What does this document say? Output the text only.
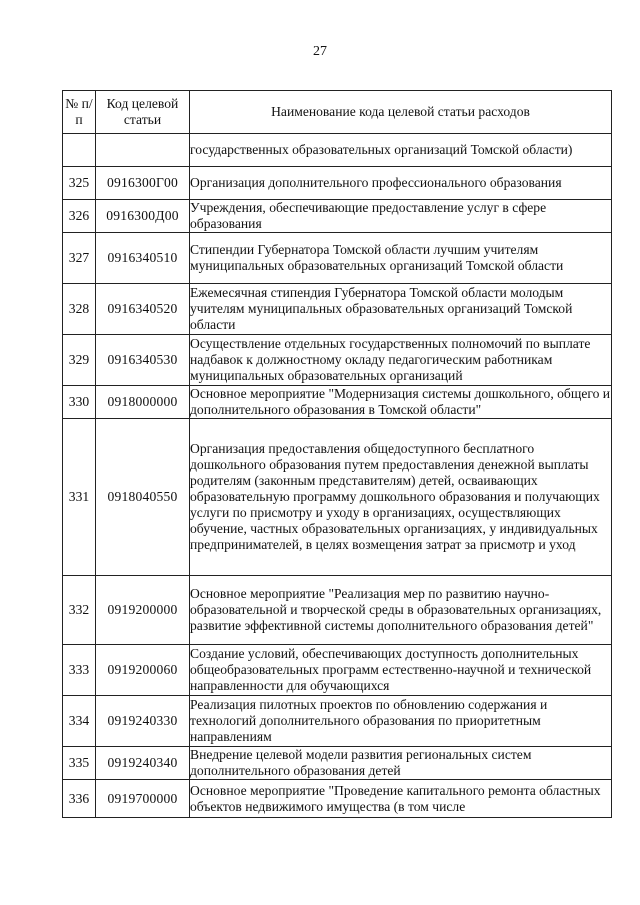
27
№ п/п	Код целевой статьи	Наименование кода целевой статьи расходов

		государственных образовательных организаций Томской области)

325	0916300Г00	Организация дополнительного профессионального образования

326	0916300Д00	Учреждения, обеспечивающие предоставление услуг в сфере образования

327	0916340510	Стипендии Губернатора Томской области лучшим учителям муниципальных образовательных организаций Томской области

328	0916340520	Ежемесячная стипендия Губернатора Томской области молодым учителям муниципальных образовательных организаций Томской области

329	0916340530	Осуществление отдельных государственных полномочий по выплате надбавок к должностному окладу педагогическим работникам муниципальных образовательных организаций

330	0918000000	Основное мероприятие "Модернизация системы дошкольного, общего и дополнительного образования в Томской области"

331	0918040550	Организация предоставления общедоступного бесплатного дошкольного образования путем предоставления денежной выплаты родителям (законным представителям) детей, осваивающих образовательную программу дошкольного образования и получающих услуги по присмотру и уходу в организациях, осуществляющих обучение, частных образовательных организациях, у индивидуальных предпринимателей, в целях возмещения затрат за присмотр и уход

332	0919200000	Основное мероприятие "Реализация мер по развитию научно-образовательной и творческой среды в образовательных организациях, развитие эффективной системы дополнительного образования детей"

333	0919200060	Создание условий, обеспечивающих доступность дополнительных общеобразовательных программ естественно-научной и технической направленности для обучающихся

334	0919240330	Реализация пилотных проектов по обновлению содержания и технологий дополнительного образования по приоритетным направлениям

335	0919240340	Внедрение целевой модели развития региональных систем дополнительного образования детей

336	0919700000	Основное мероприятие "Проведение капитального ремонта областных объектов недвижимого имущества (в том числе
